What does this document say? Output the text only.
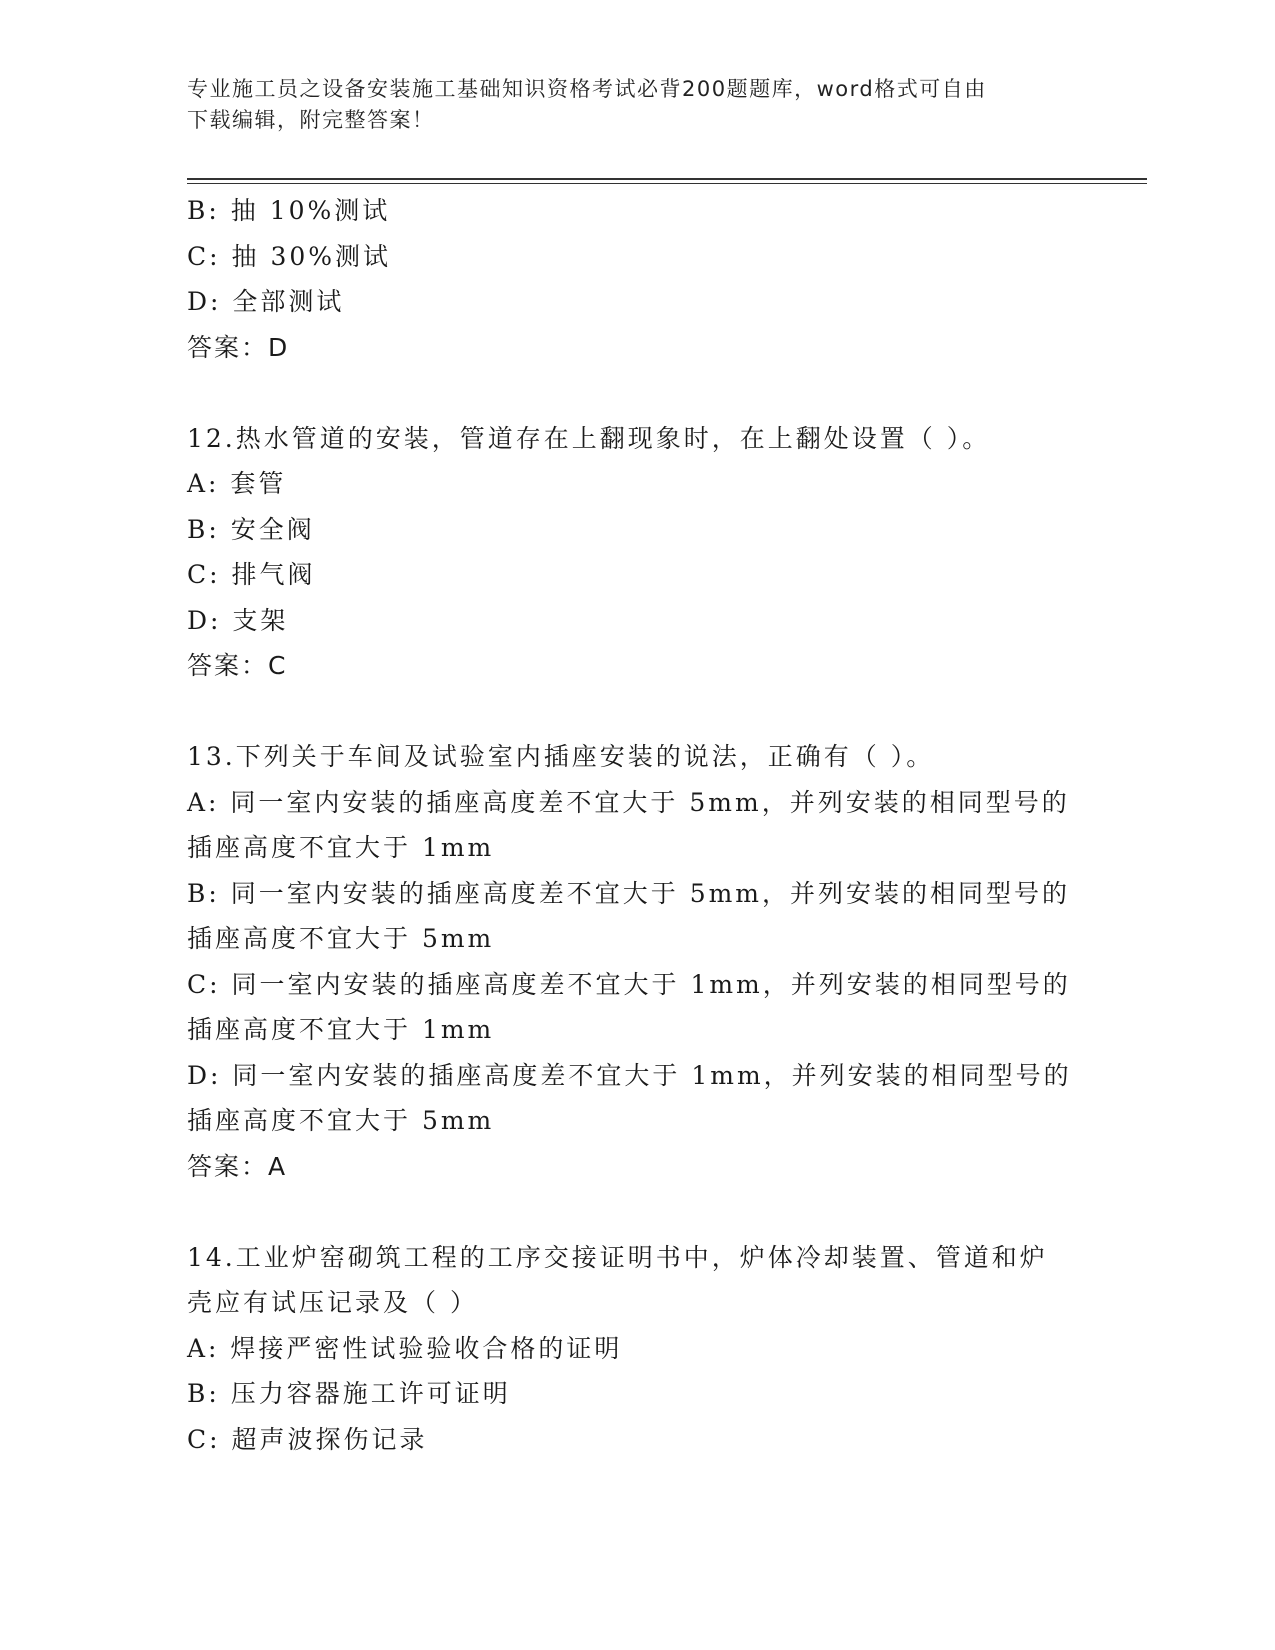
专业施工员之设备安装施工基础知识资格考试必背200题题库，word格式可自由
下载编辑，附完整答案！
B: 抽 10%测试
C: 抽 30%测试
D: 全部测试
答案：D
12.热水管道的安装，管道存在上翻现象时，在上翻处设置（ ）。
A: 套管
B: 安全阀
C: 排气阀
D: 支架
答案：C
13.下列关于车间及试验室内插座安装的说法，正确有（ ）。
A: 同一室内安装的插座高度差不宜大于 5mm，并列安装的相同型号的
插座高度不宜大于 1mm
B: 同一室内安装的插座高度差不宜大于 5mm，并列安装的相同型号的
插座高度不宜大于 5mm
C: 同一室内安装的插座高度差不宜大于 1mm，并列安装的相同型号的
插座高度不宜大于 1mm
D: 同一室内安装的插座高度差不宜大于 1mm，并列安装的相同型号的
插座高度不宜大于 5mm
答案：A
14.工业炉窑砌筑工程的工序交接证明书中，炉体冷却装置、管道和炉
壳应有试压记录及（ ）
A: 焊接严密性试验验收合格的证明
B: 压力容器施工许可证明
C: 超声波探伤记录
